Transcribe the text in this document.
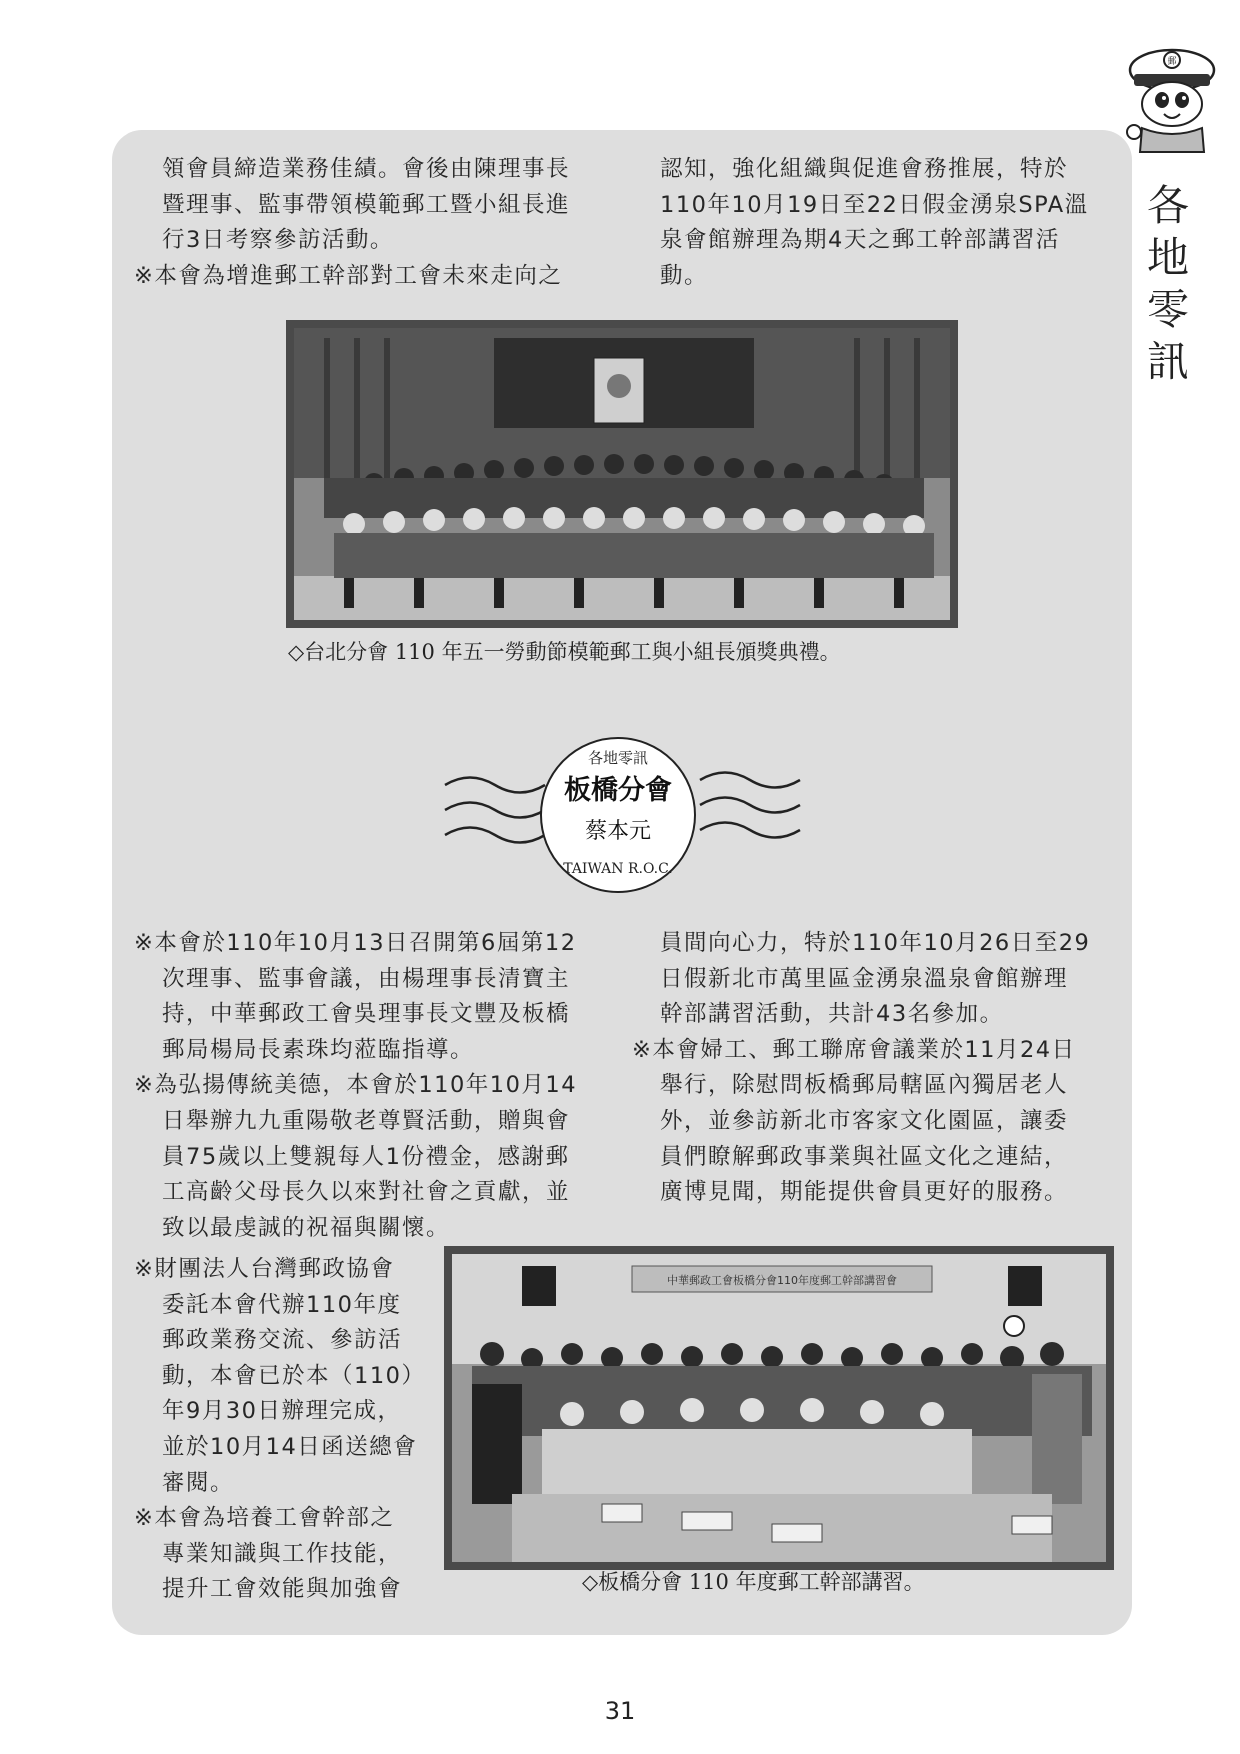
郵
各
地
零
訊

領會員締造業務佳績。會後由陳理事長

暨理事、監事帶領模範郵工暨小組長進

行3日考察參訪活動。

※本會為增進郵工幹部對工會未來走向之

認知，強化組織與促進會務推展，特於

110年10月19日至22日假金湧泉SPA溫

泉會館辦理為期4天之郵工幹部講習活

動。

◇台北分會 110 年五一勞動節模範郵工與小組長頒獎典禮。
各地零訊
板橋分會
蔡本元
TAIWAN R.O.C.

※本會於110年10月13日召開第6屆第12

次理事、監事會議，由楊理事長清寶主

持，中華郵政工會吳理事長文豐及板橋

郵局楊局長素珠均蒞臨指導。

※為弘揚傳統美德，本會於110年10月14

日舉辦九九重陽敬老尊賢活動，贈與會

員75歲以上雙親每人1份禮金，感謝郵

工高齡父母長久以來對社會之貢獻，並

致以最虔誠的祝福與關懷。

員間向心力，特於110年10月26日至29

日假新北市萬里區金湧泉溫泉會館辦理

幹部講習活動，共計43名參加。

※本會婦工、郵工聯席會議業於11月24日

舉行，除慰問板橋郵局轄區內獨居老人

外，並參訪新北市客家文化園區，讓委

員們瞭解郵政事業與社區文化之連結，

廣博見聞，期能提供會員更好的服務。

※財團法人台灣郵政協會

委託本會代辦110年度

郵政業務交流、參訪活

動，本會已於本（110）

年9月30日辦理完成，

並於10月14日函送總會

審閱。

※本會為培養工會幹部之

專業知識與工作技能，

提升工會效能與加強會

中華郵政工會板橋分會110年度郵工幹部講習會
◇板橋分會 110 年度郵工幹部講習。
31
